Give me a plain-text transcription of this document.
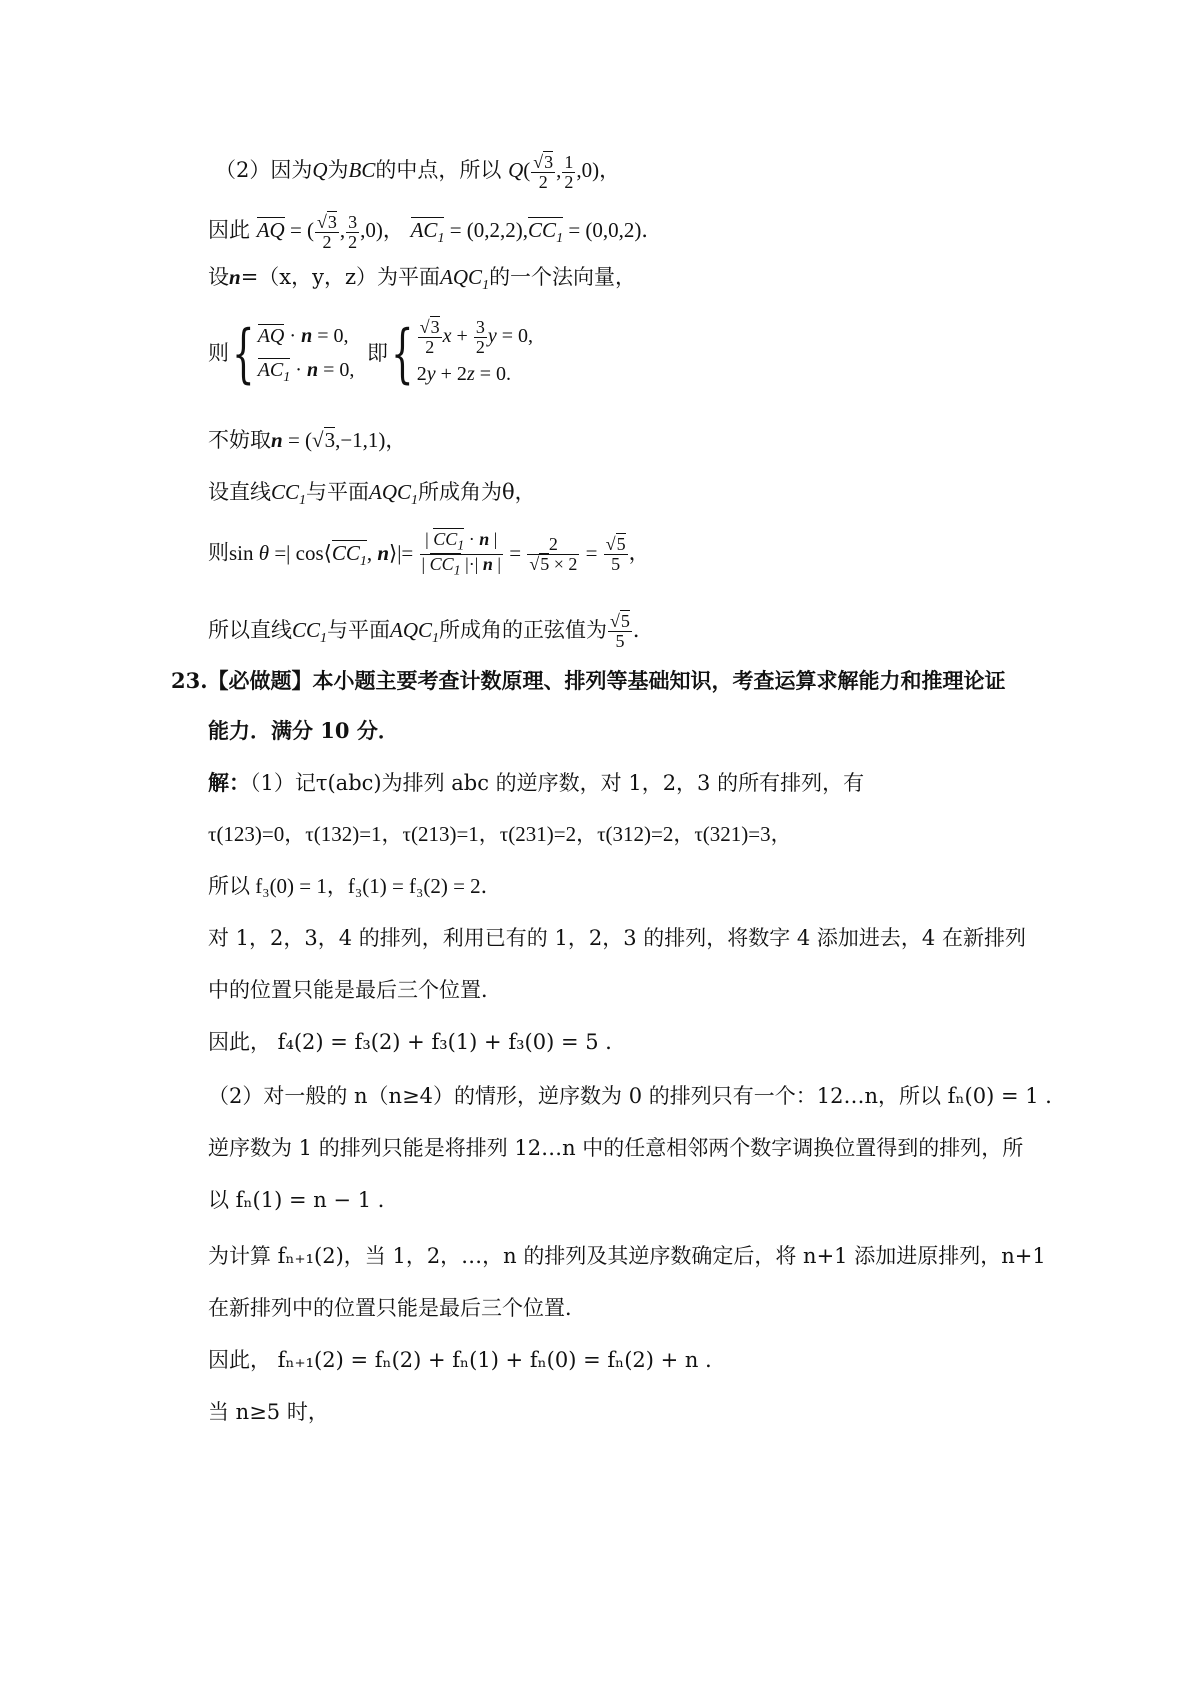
（2）因为Q为BC的中点，所以 $Q( \frac{√3}{2}$ , $\frac{1}{2} ,0$)，
因此 AQ = ( $\frac{√3}{2}$ , $\frac{3}{2} ,0$)， $AC_1 = (0,2,2),CC_1 = (0,0,2)$．
设n=（x，y，z）为平面$AQC_1$的一个法向量，
则{ AQ · n = 0,
$AC_1 \cdot n = 0$,
即{ $\frac{√3}{2}$ $x + \frac{3}{2}$ y = 0,
2y + 2z = 0.
不妨取n = (√3,−1,1)，
设直线$CC_1$与平面$AQC_1$所成角为θ，
则sin θ =| $\cos⟨CC_1$, n⟩|= $\frac{| CC_1 \cdot n |}{| CC_1 |\cdot| n |} = \frac{2}{√5 \times 2} = \frac{√5}{5}$ ，
所以直线$CC_1$与平面$AQC_1$所成角的正弦值为 $\frac{√5}{5}$ ．
23.【必做题】本小题主要考查计数原理、排列等基础知识，考查运算求解能力和推理论证
能力．满分 10 分．
解：（1）记τ(abc)为排列 abc 的逆序数，对 1，2，3 的所有排列，有
τ(123)=0，τ(132)=1，τ(213)=1，τ(231)=2，τ(312)=2，τ(321)=3，
所以 f₃(0) = 1，f₃(1) = f₃(2) = 2．
对 1，2，3，4 的排列，利用已有的 1，2，3 的排列，将数字 4 添加进去，4 在新排列
中的位置只能是最后三个位置．
因此， f₄(2) = f₃(2) + f₃(1) + f₃(0) = 5 ．
（2）对一般的 n（n≥4）的情形，逆序数为 0 的排列只有一个：12…n，所以 fₙ(0) = 1 ．
逆序数为 1 的排列只能是将排列 12…n 中的任意相邻两个数字调换位置得到的排列，所
以 fₙ(1) = n − 1 ．
为计算 fₙ₊₁(2)，当 1，2，…，n 的排列及其逆序数确定后，将 n+1 添加进原排列，n+1
在新排列中的位置只能是最后三个位置．
因此， fₙ₊₁(2) = fₙ(2) + fₙ(1) + fₙ(0) = fₙ(2) + n ．
当 n≥5 时，
